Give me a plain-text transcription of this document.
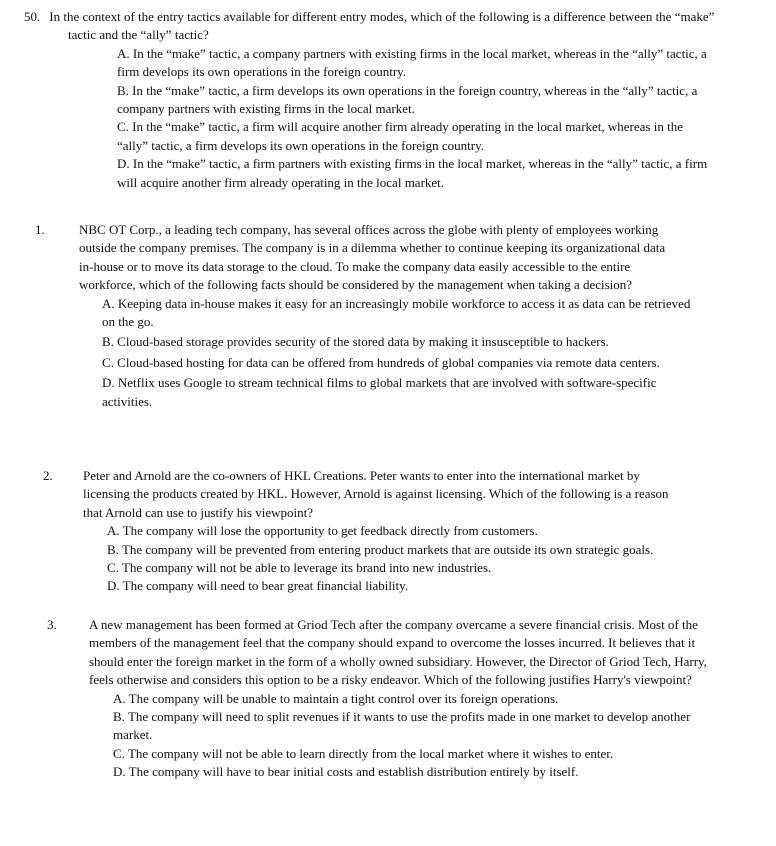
50. In the context of the entry tactics available for different entry modes, which of the following is a difference between the “make” tactic and the “ally” tactic?

A. In the “make” tactic, a company partners with existing firms in the local market, whereas in the “ally” tactic, a firm develops its own operations in the foreign country.
B. In the “make” tactic, a firm develops its own operations in the foreign country, whereas in the “ally” tactic, a company partners with existing firms in the local market.
C. In the “make” tactic, a firm will acquire another firm already operating in the local market, whereas in the “ally” tactic, a firm develops its own operations in the foreign country.
D. In the “make” tactic, a firm partners with existing firms in the local market, whereas in the “ally” tactic, a firm will acquire another firm already operating in the local market.

1.	NBC OT Corp., a leading tech company, has several offices across the globe with plenty of employees working outside the company premises. The company is in a dilemma whether to continue keeping its organizational data in-house or to move its data storage to the cloud. To make the company data easily accessible to the entire workforce, which of the following facts should be considered by the management when taking a decision?

A. Keeping data in-house makes it easy for an increasingly mobile workforce to access it as data can be retrieved on the go.
B. Cloud-based storage provides security of the stored data by making it insusceptible to hackers.
C. Cloud-based hosting for data can be offered from hundreds of global companies via remote data centers.
D. Netflix uses Google to stream technical films to global markets that are involved with software-specific activities.

2. Peter and Arnold are the co-owners of HKL Creations. Peter wants to enter into the international market by licensing the products created by HKL. However, Arnold is against licensing. Which of the following is a reason that Arnold can use to justify his viewpoint?

A. The company will lose the opportunity to get feedback directly from customers.
B. The company will be prevented from entering product markets that are outside its own strategic goals.
C. The company will not be able to leverage its brand into new industries.
D. The company will need to bear great financial liability.

3. A new management has been formed at Griod Tech after the company overcame a severe financial crisis. Most of the members of the management feel that the company should expand to overcome the losses incurred. It believes that it should enter the foreign market in the form of a wholly owned subsidiary. However, the Director of Griod Tech, Harry, feels otherwise and considers this option to be a risky endeavor. Which of the following justifies Harry's viewpoint?

A. The company will be unable to maintain a tight control over its foreign operations.
B. The company will need to split revenues if it wants to use the profits made in one market to develop another market.
C. The company will not be able to learn directly from the local market where it wishes to enter.
D. The company will have to bear initial costs and establish distribution entirely by itself.
